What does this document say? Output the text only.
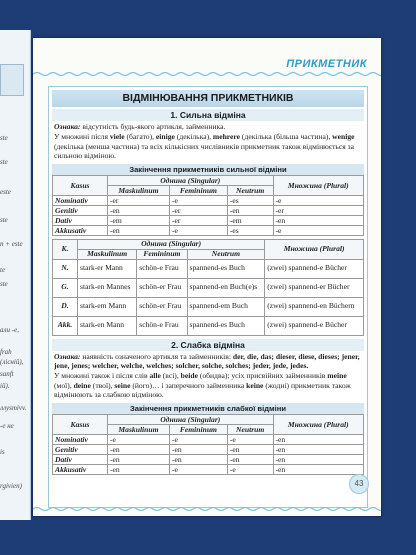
ste
ste
este
ste
n + este
te
ste
али -е,
frah
(лісній),
sanft
ій).
ллуsтivv.
-е не
іs
rgivien)
ПРИКМЕТНИК
ВІДМІНЮВАННЯ ПРИКМЕТНИКІВ
1. Сильна відміна
Ознака: відсутність будь-якого артикля, займенника.
У множині після viele (багато), einige (декілька), mehrere (декілька (більша частина), wenige (декілька (менша частина) та всіх кількісних числівників прикметник також відмінюється за сильною відміною.
Закінчення прикметників сильної відміни
Kasus	Однина (Singular)			Множина (Plural)
	Maskulinum	Femininum	Neutrum	
Nominativ	-er	-e	-es	-e
Genitiv	-en	-er	-en	-er
Dativ	-em	-er	-em	-en
Akkusativ	-en	-e	-es	-e
K.	Однина (Singular)			Множина (Plural)
	Maskulinum	Femininum	Neutrum	
N.	stark-er Mann	schön-e Frau	spannend-es Buch	(zwei) spannend-e Bücher
G.	stark-en Mannes	schön-er Frau	spannend-en Buch(e)s	(zwei) spannend-er Bücher
D.	stark-em Mann	schön-er Frau	spannend-em Buch	(zwei) spannend-en Büchern
Akk.	stark-en Mann	schön-e Frau	spannend-es Buch	(zwei) spannend-e Bücher
2. Слабка відміна
Ознака: наявність означеного артикля та займенників: der, die, das; dieser, diese, dieses; jener, jene, jenes; welcher, welche, welches; solcher, solche, solches; jeder, jede, jedes.
У множині також і після слів alle (всі), beide (обидва); усіх присвійних займенників meine (мої), deine (твої), seine (його)… і заперечного займенника keine (жодні) прикметник також відмінюють за слабкою відміною.
Закінчення прикметників слабкої відміни
Kasus	Однина (Singular)			Множина (Plural)
	Maskulinum	Femininum	Neutrum	
Nominativ	-e	-e	-e	-en
Genitiv	-en	-en	-en	-en
Dativ	-en	-en	-en	-en
Akkusativ	-en	-e	-e	-en
43
